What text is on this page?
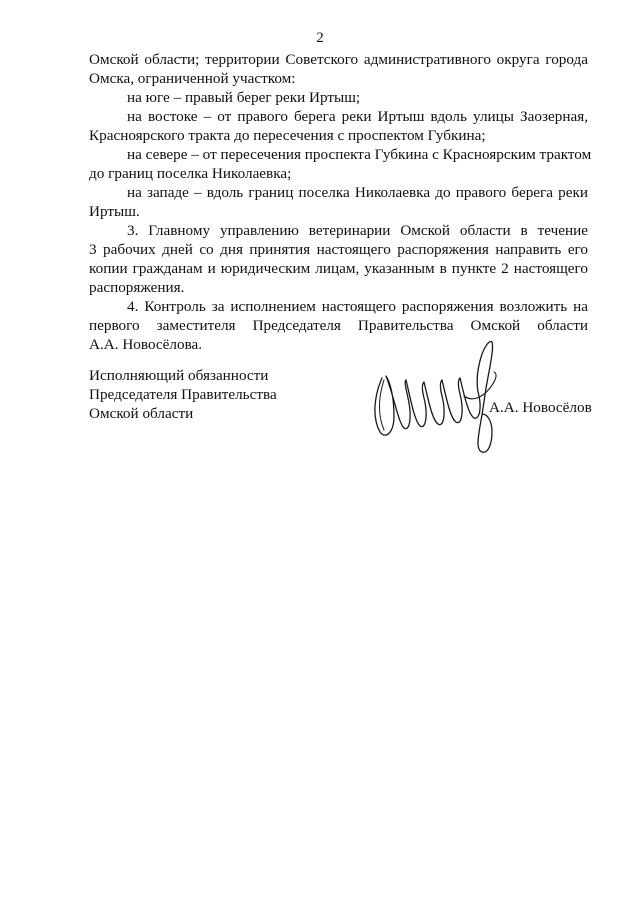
2
Омской области; территории Советского административного округа города
Омска, ограниченной участком:
на юге – правый берег реки Иртыш;
на востоке – от правого берега реки Иртыш вдоль улицы Заозерная,
Красноярского тракта до пересечения с проспектом Губкина;
на севере – от пересечения проспекта Губкина с Красноярским трактом
до границ поселка Николаевка;
на западе – вдоль границ поселка Николаевка до правого берега реки
Иртыш.
3. Главному управлению ветеринарии Омской области в течение
3 рабочих дней со дня принятия настоящего распоряжения направить его
копии гражданам и юридическим лицам, указанным в пункте 2 настоящего
распоряжения.
4. Контроль за исполнением настоящего распоряжения возложить на
первого заместителя Председателя Правительства Омской области
А.А. Новосёлова.
Исполняющий обязанности
Председателя Правительства
Омской области	А.А. Новосёлов
